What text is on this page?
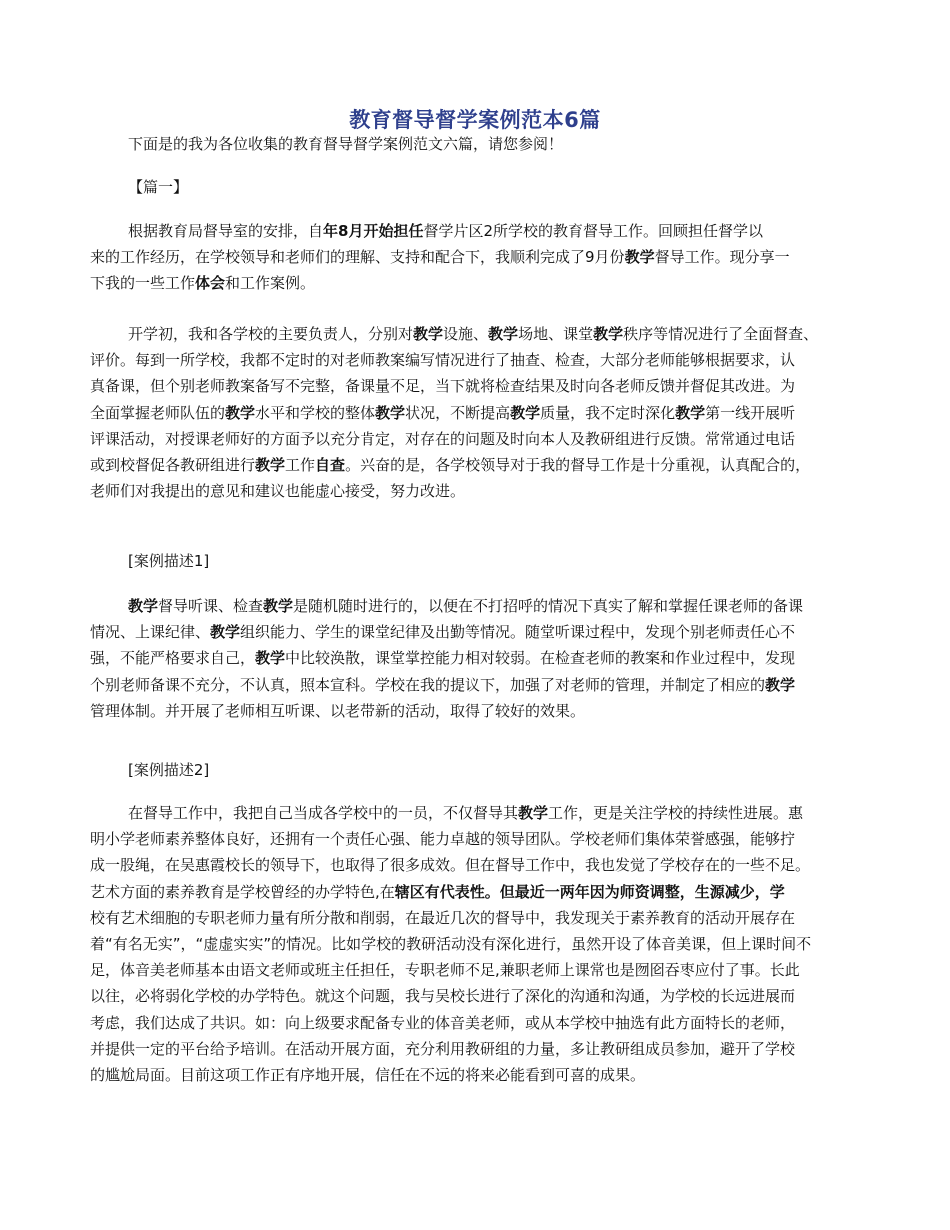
教育督导督学案例范本6篇

下面是的我为各位收集的教育督导督学案例范文六篇，请您参阅！

【篇一】

根据教育局督导室的安排，自年8月开始担任督学片区2所学校的教育督导工作。回顾担任督学以

来的工作经历，在学校领导和老师们的理解、支持和配合下，我顺利完成了9月份教学督导工作。现分享一

下我的一些工作体会和工作案例。

开学初，我和各学校的主要负责人，分别对教学设施、教学场地、课堂教学秩序等情况进行了全面督查、

评价。每到一所学校，我都不定时的对老师教案编写情况进行了抽查、检查，大部分老师能够根据要求，认

真备课，但个别老师教案备写不完整，备课量不足，当下就将检查结果及时向各老师反馈并督促其改进。为

全面掌握老师队伍的教学水平和学校的整体教学状况，不断提高教学质量，我不定时深化教学第一线开展听

评课活动，对授课老师好的方面予以充分肯定，对存在的问题及时向本人及教研组进行反馈。常常通过电话

或到校督促各教研组进行教学工作自查。兴奋的是，各学校领导对于我的督导工作是十分重视，认真配合的，

老师们对我提出的意见和建议也能虚心接受，努力改进。

[案例描述1]

教学督导听课、检查教学是随机随时进行的，以便在不打招呼的情况下真实了解和掌握任课老师的备课

情况、上课纪律、教学组织能力、学生的课堂纪律及出勤等情况。随堂听课过程中，发现个别老师责任心不

强，不能严格要求自己，教学中比较涣散，课堂掌控能力相对较弱。在检查老师的教案和作业过程中，发现

个别老师备课不充分，不认真，照本宣科。学校在我的提议下，加强了对老师的管理，并制定了相应的教学

管理体制。并开展了老师相互听课、以老带新的活动，取得了较好的效果。

[案例描述2]

在督导工作中，我把自己当成各学校中的一员，不仅督导其教学工作，更是关注学校的持续性进展。惠

明小学老师素养整体良好，还拥有一个责任心强、能力卓越的领导团队。学校老师们集体荣誉感强，能够拧

成一股绳，在吴惠霞校长的领导下，也取得了很多成效。但在督导工作中，我也发觉了学校存在的一些不足。

艺术方面的素养教育是学校曾经的办学特色,在辖区有代表性。但最近一两年因为师资调整，生源减少，学

校有艺术细胞的专职老师力量有所分散和削弱，在最近几次的督导中，我发现关于素养教育的活动开展存在

着“有名无实”，“虚虚实实”的情况。比如学校的教研活动没有深化进行，虽然开设了体音美课，但上课时间不

足，体音美老师基本由语文老师或班主任担任，专职老师不足,兼职老师上课常也是囫囵吞枣应付了事。长此

以往，必将弱化学校的办学特色。就这个问题，我与吴校长进行了深化的沟通和沟通，为学校的长远进展而

考虑，我们达成了共识。如：向上级要求配备专业的体音美老师，或从本学校中抽选有此方面特长的老师，

并提供一定的平台给予培训。在活动开展方面，充分利用教研组的力量，多让教研组成员参加，避开了学校

的尴尬局面。目前这项工作正有序地开展，信任在不远的将来必能看到可喜的成果。
